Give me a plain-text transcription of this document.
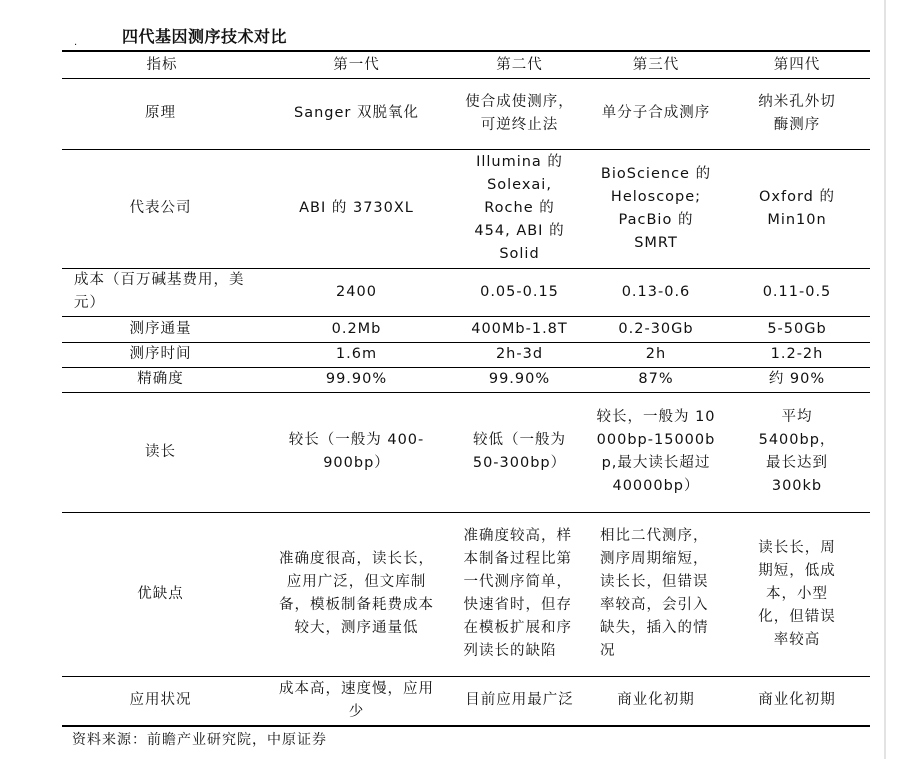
.	四代基因测序技术对比
指标	第一代	第二代	第三代	第四代
原理	Sanger 双脱氧化	使合成使测序，可逆终止法	单分子合成测序	纳米孔外切酶测序
代表公司	ABI 的 3730XL	Illumina 的 Solexai, Roche 的 454, ABI 的 Solid	BioScience 的 Heloscope; PacBio 的 SMRT	Oxford 的 Min10n
成本（百万碱基费用，美元）	2400	0.05-0.15	0.13-0.6	0.11-0.5
测序通量	0.2Mb	400Mb-1.8T	0.2-30Gb	5-50Gb
测序时间	1.6m	2h-3d	2h	1.2-2h
精确度	99.90%	99.90%	87%	约 90%
读长	较长（一般为 400-900bp）	较低（一般为 50-300bp）	较长，一般为 10000bp-15000bp,最大读长超过 40000bp）	平均 5400bp，最长达到 300kb
优缺点	准确度很高，读长长，应用广泛，但文库制备，模板制备耗费成本较大，测序通量低	准确度较高，样本制备过程比第一代测序简单，快速省时，但存在模板扩展和序列读长的缺陷	相比二代测序，测序周期缩短，读长长，但错误率较高，会引入缺失，插入的情况	读长长，周期短，低成本，小型化，但错误率较高
应用状况	成本高，速度慢，应用少	目前应用最广泛	商业化初期	商业化初期
资料来源：前瞻产业研究院，中原证券
